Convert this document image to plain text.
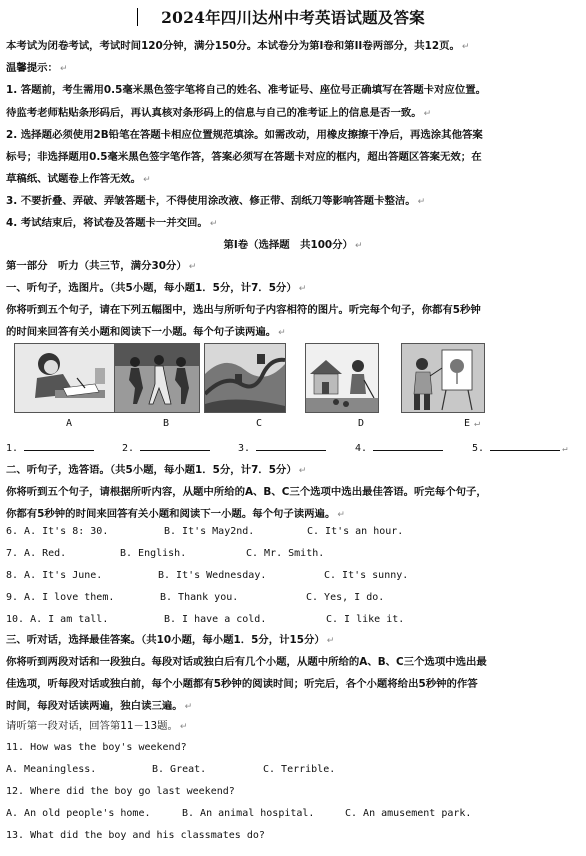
2024年四川达州中考英语试题及答案
本考试为闭卷考试，考试时间120分钟，满分150分。本试卷分为第I卷和第II卷两部分，共12页。 ↵
温馨提示： ↵
1. 答题前，考生需用0.5毫米黑色签字笔将自己的姓名、准考证号、座位号正确填写在答题卡对应位置。
待监考老师粘贴条形码后，再认真核对条形码上的信息与自己的准考证上的信息是否一致。 ↵
2. 选择题必须使用2B铅笔在答题卡相应位置规范填涂。如需改动，用橡皮擦擦干净后，再选涂其他答案
标号；非选择题用0.5毫米黑色签字笔作答，答案必须写在答题卡对应的框内，超出答题区答案无效；在
草稿纸、试题卷上作答无效。 ↵
3. 不要折叠、弄破、弄皱答题卡，不得使用涂改液、修正带、刮纸刀等影响答题卡整洁。 ↵
4. 考试结束后，将试卷及答题卡一并交回。 ↵
第I卷（选择题　共100分） ↵
第一部分　听力（共三节，满分30分） ↵
一、听句子，选图片。（共5小题，每小题1．5分，计7．5分） ↵
你将听到五个句子，请在下列五幅图中，选出与所听句子内容相符的图片。听完每个句子，你都有5秒钟
的时间来回答有关小题和阅读下一小题。每个句子读两遍。 ↵
A	B	C	D	E ↵
1.	2.	3.	4.	5.	↵
二、听句子，选答语。（共5小题，每小题1．5分，计7．5分） ↵
你将听到五个句子，请根据所听内容，从题中所给的A、B、C三个选项中选出最佳答语。听完每个句子，
你都有5秒钟的时间来回答有关小题和阅读下一小题。每个句子读两遍。 ↵
6. A. It's 8: 30.	B. It's May2nd.	C. It's an hour.
7. A. Red.	B. English.	C. Mr. Smith.
8. A. It's June.	B. It's Wednesday.	C. It's sunny.
9. A. I love them.	B. Thank you.	C. Yes, I do.
10. A. I am tall.	B. I have a cold.	C. I like it.
三、听对话，选择最佳答案。（共10小题，每小题1．5分，计15分） ↵
你将听到两段对话和一段独白。每段对话或独白后有几个小题，从题中所给的A、B、C三个选项中选出最
佳选项，听每段对话或独白前，每个小题都有5秒钟的阅读时间；听完后，各个小题将给出5秒钟的作答
时间，每段对话读两遍，独白读三遍。 ↵
请听第一段对话，回答第11－13题。 ↵
11. How was the boy's weekend?
A. Meaningless.	B. Great.	C. Terrible.
12. Where did the boy go last weekend?
A. An old people's home.	B. An animal hospital.	C. An amusement park.
13. What did the boy and his classmates do?
